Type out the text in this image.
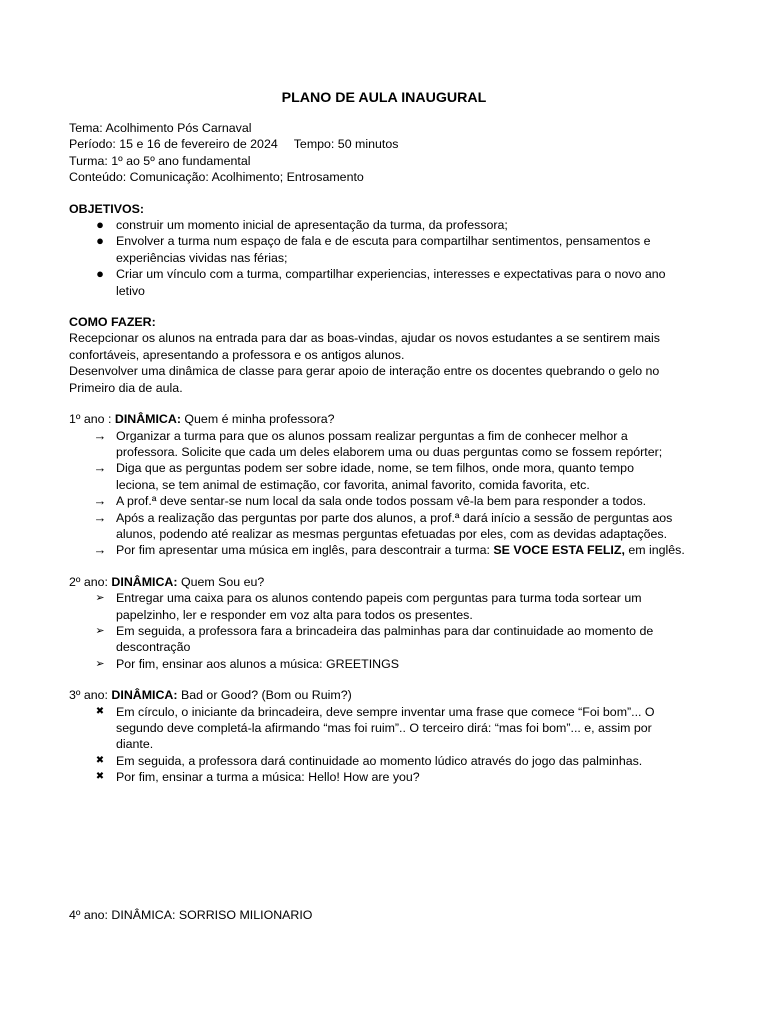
PLANO DE AULA INAUGURAL
Tema: Acolhimento Pós Carnaval
Período: 15 e 16 de fevereiro de 2024 Tempo: 50 minutos
Turma: 1º ao 5º ano fundamental
Conteúdo: Comunicação: Acolhimento; Entrosamento
OBJETIVOS:
● construir um momento inicial de apresentação da turma, da professora;
● Envolver a turma num espaço de fala e de escuta para compartilhar sentimentos, pensamentos e
experiências vividas nas férias;
● Criar um vínculo com a turma, compartilhar experiencias, interesses e expectativas para o novo ano
letivo
COMO FAZER:
Recepcionar os alunos na entrada para dar as boas-vindas, ajudar os novos estudantes a se sentirem mais
confortáveis, apresentando a professora e os antigos alunos.
Desenvolver uma dinâmica de classe para gerar apoio de interação entre os docentes quebrando o gelo no
Primeiro dia de aula.
1º ano : DINÂMICA: Quem é minha professora?
→ Organizar a turma para que os alunos possam realizar perguntas a fim de conhecer melhor a
professora. Solicite que cada um deles elaborem uma ou duas perguntas como se fossem repórter;
→ Diga que as perguntas podem ser sobre idade, nome, se tem filhos, onde mora, quanto tempo
leciona, se tem animal de estimação, cor favorita, animal favorito, comida favorita, etc.
→ A prof.ª deve sentar-se num local da sala onde todos possam vê-la bem para responder a todos.
→ Após a realização das perguntas por parte dos alunos, a prof.ª dará início a sessão de perguntas aos
alunos, podendo até realizar as mesmas perguntas efetuadas por eles, com as devidas adaptações.
→ Por fim apresentar uma música em inglês, para descontrair a turma: SE VOCE ESTA FELIZ, em inglês.
2º ano: DINÂMICA: Quem Sou eu?
➢ Entregar uma caixa para os alunos contendo papeis com perguntas para turma toda sortear um
papelzinho, ler e responder em voz alta para todos os presentes.
➢ Em seguida, a professora fara a brincadeira das palminhas para dar continuidade ao momento de
descontração
➢ Por fim, ensinar aos alunos a música: GREETINGS
3º ano: DINÂMICA: Bad or Good? (Bom ou Ruim?)
✖ Em círculo, o iniciante da brincadeira, deve sempre inventar uma frase que comece “Foi bom”... O
segundo deve completá-la afirmando “mas foi ruim”.. O terceiro dirá: “mas foi bom”... e, assim por
diante.
✖ Em seguida, a professora dará continuidade ao momento lúdico através do jogo das palminhas.
✖ Por fim, ensinar a turma a música: Hello! How are you?
4º ano: DINÂMICA: SORRISO MILIONARIO
